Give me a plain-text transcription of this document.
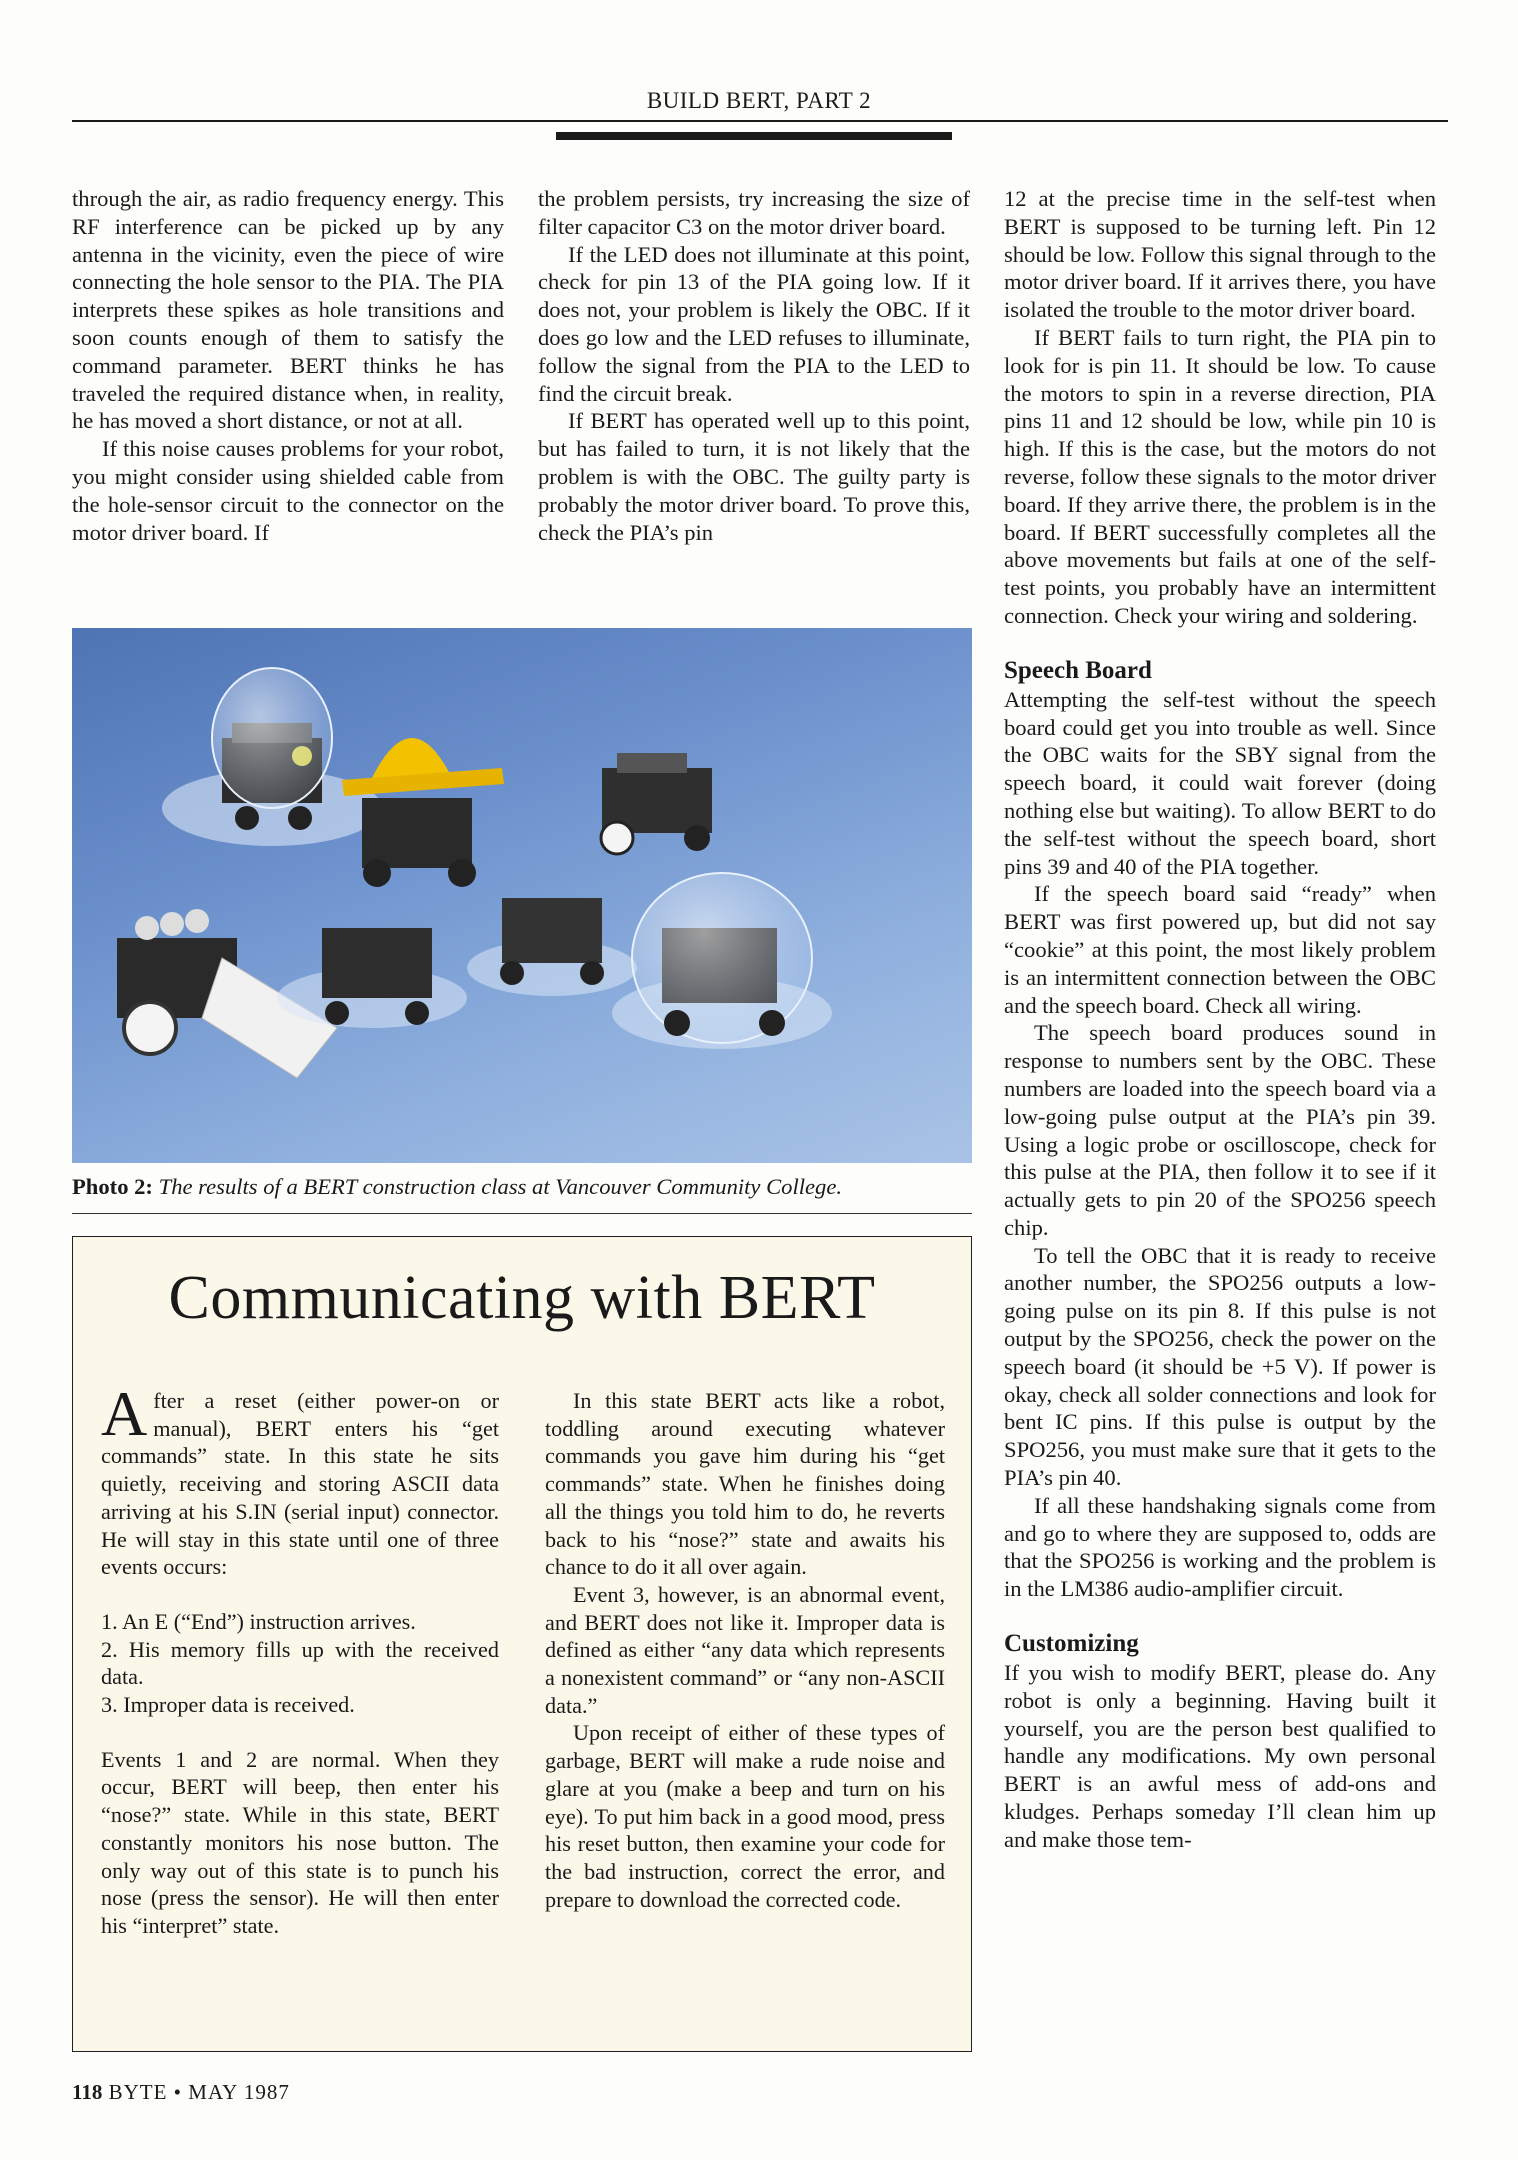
BUILD BERT, PART 2

through the air, as radio frequency energy. This RF interference can be picked up by any antenna in the vicinity, even the piece of wire connecting the hole sensor to the PIA. The PIA interprets these spikes as hole transitions and soon counts enough of them to satisfy the command parameter. BERT thinks he has traveled the required distance when, in reality, he has moved a short distance, or not at all.

If this noise causes problems for your robot, you might consider using shielded cable from the hole-sensor circuit to the connector on the motor driver board. If

the problem persists, try increasing the size of filter capacitor C3 on the motor driver board.

If the LED does not illuminate at this point, check for pin 13 of the PIA going low. If it does not, your problem is likely the OBC. If it does go low and the LED refuses to illuminate, follow the signal from the PIA to the LED to find the circuit break.

If BERT has operated well up to this point, but has failed to turn, it is not likely that the problem is with the OBC. The guilty party is probably the motor driver board. To prove this, check the PIA’s pin

12 at the precise time in the self-test when BERT is supposed to be turning left. Pin 12 should be low. Follow this signal through to the motor driver board. If it arrives there, you have isolated the trouble to the motor driver board.

If BERT fails to turn right, the PIA pin to look for is pin 11. It should be low. To cause the motors to spin in a reverse direction, PIA pins 11 and 12 should be low, while pin 10 is high. If this is the case, but the motors do not reverse, follow these signals to the motor driver board. If they arrive there, the problem is in the board. If BERT successfully completes all the above movements but fails at one of the self-test points, you probably have an intermittent connection. Check your wiring and soldering.

Speech Board

Attempting the self-test without the speech board could get you into trouble as well. Since the OBC waits for the SBY signal from the speech board, it could wait forever (doing nothing else but waiting). To allow BERT to do the self-test without the speech board, short pins 39 and 40 of the PIA together.

If the speech board said “ready” when BERT was first powered up, but did not say “cookie” at this point, the most likely problem is an intermittent connection between the OBC and the speech board. Check all wiring.

The speech board produces sound in response to numbers sent by the OBC. These numbers are loaded into the speech board via a low-going pulse output at the PIA’s pin 39. Using a logic probe or oscilloscope, check for this pulse at the PIA, then follow it to see if it actually gets to pin 20 of the SPO256 speech chip.

To tell the OBC that it is ready to receive another number, the SPO256 outputs a low-going pulse on its pin 8. If this pulse is not output by the SPO256, check the power on the speech board (it should be +5 V). If power is okay, check all solder connections and look for bent IC pins. If this pulse is output by the SPO256, you must make sure that it gets to the PIA’s pin 40.

If all these handshaking signals come from and go to where they are supposed to, odds are that the SPO256 is working and the problem is in the LM386 audio-amplifier circuit.

Customizing

If you wish to modify BERT, please do. Any robot is only a beginning. Having built it yourself, you are the person best qualified to handle any modifications. My own personal BERT is an awful mess of add-ons and kludges. Perhaps someday I’ll clean him up and make those tem-

Photo 2: The results of a BERT construction class at Vancouver Community College.
Communicating with BERT

After a reset (either power-on or manual), BERT enters his “get commands” state. In this state he sits quietly, receiving and storing ASCII data arriving at his S.IN (serial input) connector. He will stay in this state until one of three events occurs:

1. An E (“End”) instruction arrives.

2. His memory fills up with the received data.

3. Improper data is received.

Events 1 and 2 are normal. When they occur, BERT will beep, then enter his “nose?” state. While in this state, BERT constantly monitors his nose button. The only way out of this state is to punch his nose (press the sensor). He will then enter his “interpret” state.

In this state BERT acts like a robot, toddling around executing whatever commands you gave him during his “get commands” state. When he finishes doing all the things you told him to do, he reverts back to his “nose?” state and awaits his chance to do it all over again.

Event 3, however, is an abnormal event, and BERT does not like it. Improper data is defined as either “any data which represents a nonexistent command” or “any non-ASCII data.”

Upon receipt of either of these types of garbage, BERT will make a rude noise and glare at you (make a beep and turn on his eye). To put him back in a good mood, press his reset button, then examine your code for the bad instruction, correct the error, and prepare to download the corrected code.

118 BYTE • MAY 1987
